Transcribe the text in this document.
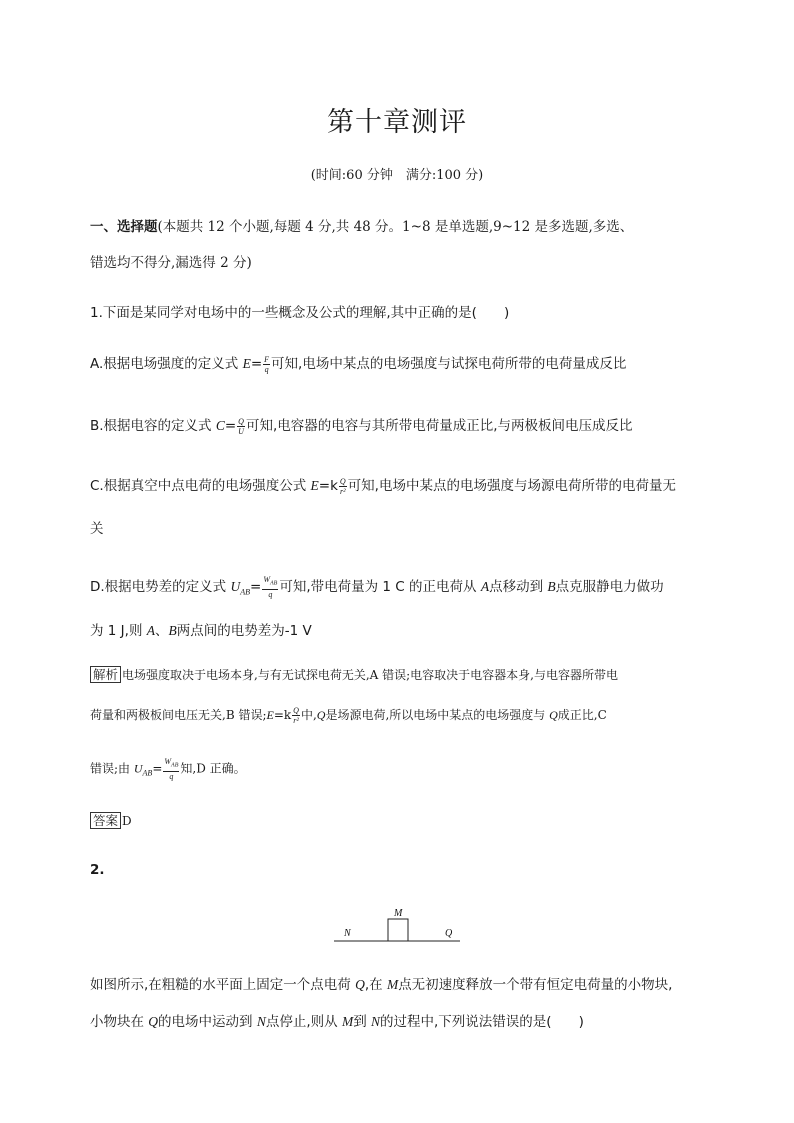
第十章测评
(时间:60 分钟　满分:100 分)
一、选择题(本题共 12 个小题,每题 4 分,共 48 分。1~8 是单选题,9~12 是多选题,多选、
错选均不得分,漏选得 2 分)
1.下面是某同学对电场中的一些概念及公式的理解,其中正确的是(　　)
A.根据电场强度的定义式 $E= \frac{F}{q}$ 可知,电场中某点的电场强度与试探电荷所带的电荷量成反比
B.根据电容的定义式 $C= \frac{Q}{U}$ 可知,电容器的电容与其所带电荷量成正比,与两极板间电压成反比
C.根据真空中点电荷的电场强度公式 $E=k \frac{Q}{\text{r²}}$ 可知,电场中某点的电场强度与场源电荷所带的电荷量无
关
D.根据电势差的定义式 $U_{AB}= \frac{W_{AB}}{q}$ 可知,带电荷量为 1 C 的正电荷从 A点移动到 B点克服静电力做功
为 1 J,则 A、B两点间的电势差为-1 V
解析 电场强度取决于电场本身,与有无试探电荷无关,A 错误;电容取决于电容器本身,与电容器所带电
荷量和两极板间电压无关,B 错误;E=k $\frac{Q}{\text{r²}}$ 中,Q是场源电荷,所以电场中某点的电场强度与 Q成正比,C
错误;由 $U_{AB}= \frac{W_{AB}}{q}$ 知,D 正确。
答案 D
2.
N
M
Q
如图所示,在粗糙的水平面上固定一个点电荷 Q,在 M点无初速度释放一个带有恒定电荷量的小物块,
小物块在 Q的电场中运动到 N点停止,则从 M到 N的过程中,下列说法错误的是(　　)
